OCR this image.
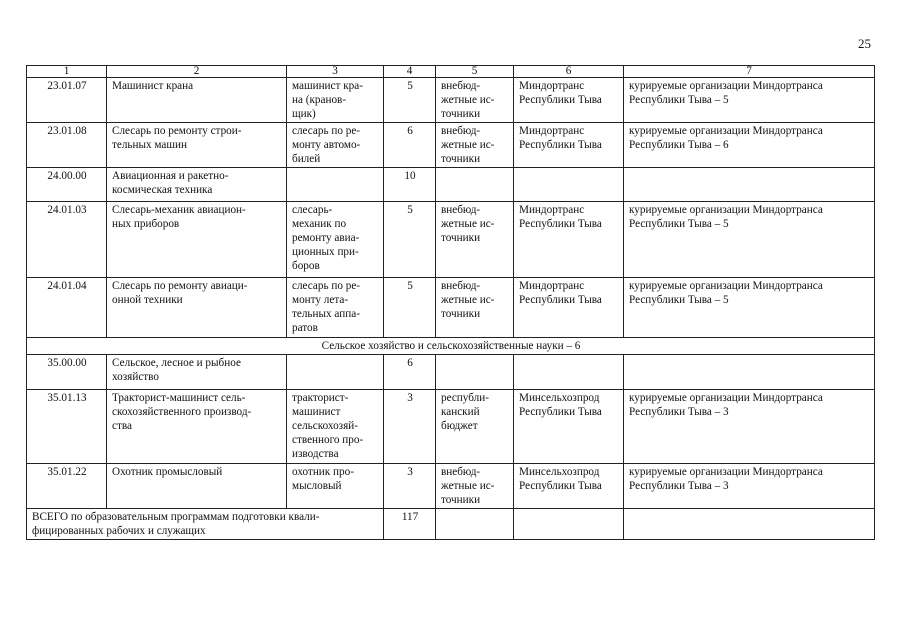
25
1	2	3	4	5	6	7
23.01.07	Машинист крана	машинист кра-
на (кранов-
щик)	5	внебюд-
жетные ис-
точники	Миндортранс
Республики Тыва	курируемые организации Миндортранса
Республики Тыва – 5
23.01.08	Слесарь по ремонту строи-
тельных машин	слесарь по ре-
монту автомо-
билей	6	внебюд-
жетные ис-
точники	Миндортранс
Республики Тыва	курируемые организации Миндортранса
Республики Тыва – 6
24.00.00	Авиационная и ракетно-
космическая техника		10			
24.01.03	Слесарь-механик авиацион-
ных приборов	слесарь-
механик по
ремонту авиа-
ционных при-
боров	5	внебюд-
жетные ис-
точники	Миндортранс
Республики Тыва	курируемые организации Миндортранса
Республики Тыва – 5
24.01.04	Слесарь по ремонту авиаци-
онной техники	слесарь по ре-
монту лета-
тельных аппа-
ратов	5	внебюд-
жетные ис-
точники	Миндортранс
Республики Тыва	курируемые организации Миндортранса
Республики Тыва – 5
Сельское хозяйство и сельскохозяйственные науки – 6						
35.00.00	Сельское, лесное и рыбное
хозяйство		6			
35.01.13	Тракторист-машинист сель-
скохозяйственного производ-
ства	тракторист-
машинист
сельскохозяй-
ственного про-
изводства	3	республи-
канский
бюджет	Минсельхозпрод
Республики Тыва	курируемые организации Миндортранса
Республики Тыва – 3
35.01.22	Охотник промысловый	охотник про-
мысловый	3	внебюд-
жетные ис-
точники	Минсельхозпрод
Республики Тыва	курируемые организации Миндортранса
Республики Тыва – 3
ВСЕГО по образовательным программам подготовки квали-
фицированных рабочих и служащих			117			
